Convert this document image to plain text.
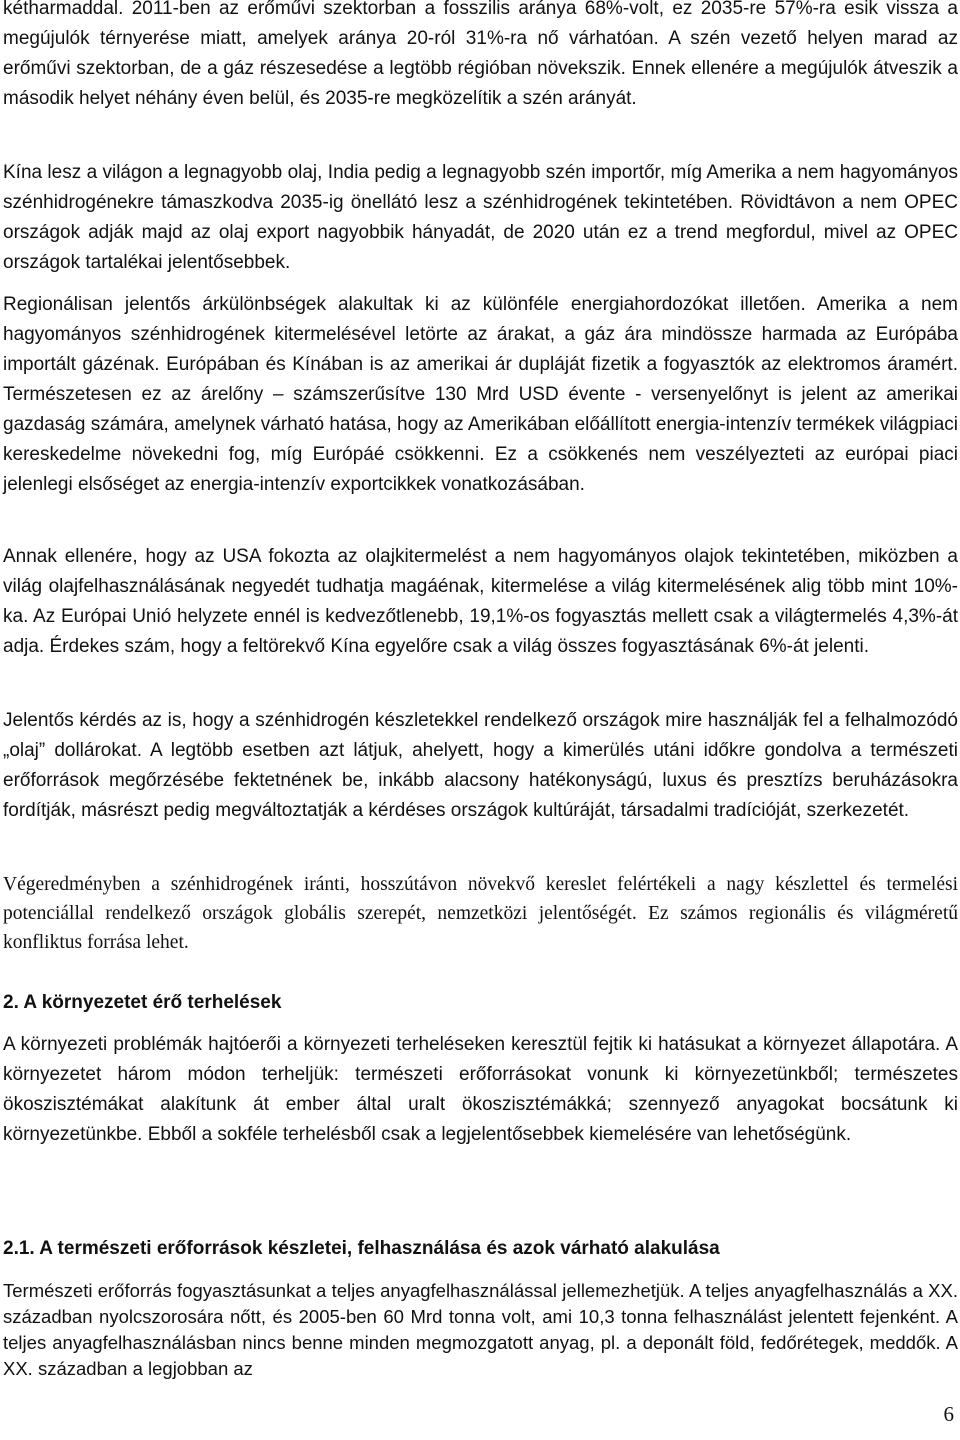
kétharmaddal. 2011-ben az erőművi szektorban a fosszilis aránya 68%-volt, ez 2035-re 57%-ra esik vissza a megújulók térnyerése miatt, amelyek aránya 20-ról 31%-ra nő várhatóan. A szén vezető helyen marad az erőművi szektorban, de a gáz részesedése a legtöbb régióban növekszik. Ennek ellenére a megújulók átveszik a második helyet néhány éven belül, és 2035-re megközelítik a szén arányát.

Kína lesz a világon a legnagyobb olaj, India pedig a legnagyobb szén importőr, míg Amerika a nem hagyományos szénhidrogénekre támaszkodva 2035-ig önellátó lesz a szénhidrogének tekintetében. Rövidtávon a nem OPEC országok adják majd az olaj export nagyobbik hányadát, de 2020 után ez a trend megfordul, mivel az OPEC országok tartalékai jelentősebbek.

Regionálisan jelentős árkülönbségek alakultak ki az különféle energiahordozókat illetően. Amerika a nem hagyományos szénhidrogének kitermelésével letörte az árakat, a gáz ára mindössze harmada az Európába importált gázénak. Európában és Kínában is az amerikai ár dupláját fizetik a fogyasztók az elektromos áramért. Természetesen ez az árelőny – számszerűsítve 130 Mrd USD évente - versenyelőnyt is jelent az amerikai gazdaság számára, amelynek várható hatása, hogy az Amerikában előállított energia-intenzív termékek világpiaci kereskedelme növekedni fog, míg Európáé csökkenni. Ez a csökkenés nem veszélyezteti az európai piaci jelenlegi elsőséget az energia-intenzív exportcikkek vonatkozásában.

Annak ellenére, hogy az USA fokozta az olajkitermelést a nem hagyományos olajok tekintetében, miközben a világ olajfelhasználásának negyedét tudhatja magáénak, kitermelése a világ kitermelésének alig több mint 10%-ka. Az Európai Unió helyzete ennél is kedvezőtlenebb, 19,1%-os fogyasztás mellett csak a világtermelés 4,3%-át adja. Érdekes szám, hogy a feltörekvő Kína egyelőre csak a világ összes fogyasztásának 6%-át jelenti.

Jelentős kérdés az is, hogy a szénhidrogén készletekkel rendelkező országok mire használják fel a felhalmozódó „olaj” dollárokat. A legtöbb esetben azt látjuk, ahelyett, hogy a kimerülés utáni időkre gondolva a természeti erőforrások megőrzésébe fektetnének be, inkább alacsony hatékonyságú, luxus és presztízs beruházásokra fordítják, másrészt pedig megváltoztatják a kérdéses országok kultúráját, társadalmi tradícióját, szerkezetét.

Végeredményben a szénhidrogének iránti, hosszútávon növekvő kereslet felértékeli a nagy készlettel és termelési potenciállal rendelkező országok globális szerepét, nemzetközi jelentőségét. Ez számos regionális és világméretű konfliktus forrása lehet.

2. A környezetet érő terhelések

A környezeti problémák hajtóerői a környezeti terheléseken keresztül fejtik ki hatásukat a környezet állapotára. A környezetet három módon terheljük: természeti erőforrásokat vonunk ki környezetünkből; természetes ökoszisztémákat alakítunk át ember által uralt ökoszisztémákká; szennyező anyagokat bocsátunk ki környezetünkbe. Ebből a sokféle terhelésből csak a legjelentősebbek kiemelésére van lehetőségünk.

2.1. A természeti erőforrások készletei, felhasználása és azok várható alakulása

Természeti erőforrás fogyasztásunkat a teljes anyagfelhasználással jellemezhetjük. A teljes anyagfelhasználás a XX. században nyolcszorosára nőtt, és 2005-ben 60 Mrd tonna volt, ami 10,3 tonna felhasználást jelentett fejenként. A teljes anyagfelhasználásban nincs benne minden megmozgatott anyag, pl. a deponált föld, fedőrétegek, meddők. A XX. században a legjobban az

6
